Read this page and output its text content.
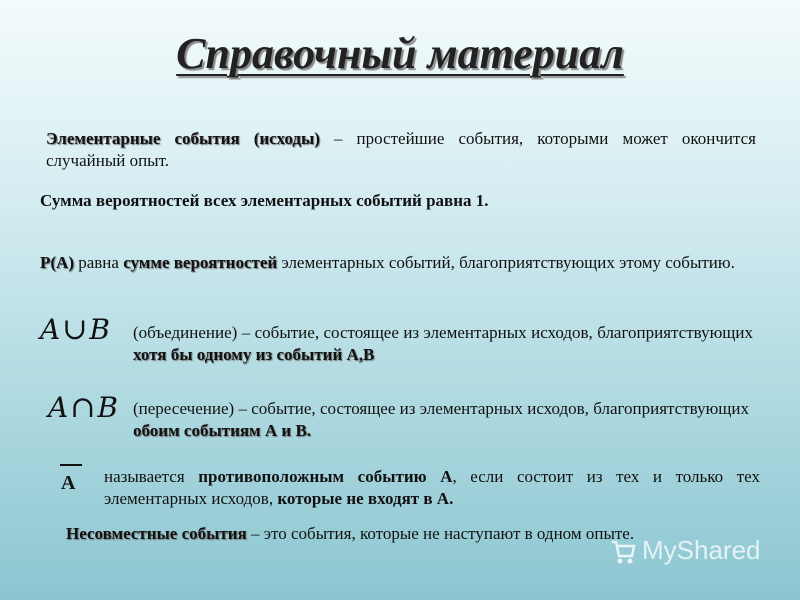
Справочный материал
Элементарные события (исходы) – простейшие события, которыми может окончится случайный опыт.
Сумма вероятностей всех элементарных событий равна 1.
Р(А) равна сумме вероятностей элементарных событий, благоприятствующих этому событию.
A∪B (объединение) – событие, состоящее из элементарных исходов, благоприятствующих хотя бы одному из событий А,В
A∩B (пересечение) – событие, состоящее из элементарных исходов, благоприятствующих обоим событиям А и В.
А называется противоположным событию А, если состоит из тех и только тех элементарных исходов, которые не входят в А.
Несовместные события – это события, которые не наступают в одном опыте.
MyShared
